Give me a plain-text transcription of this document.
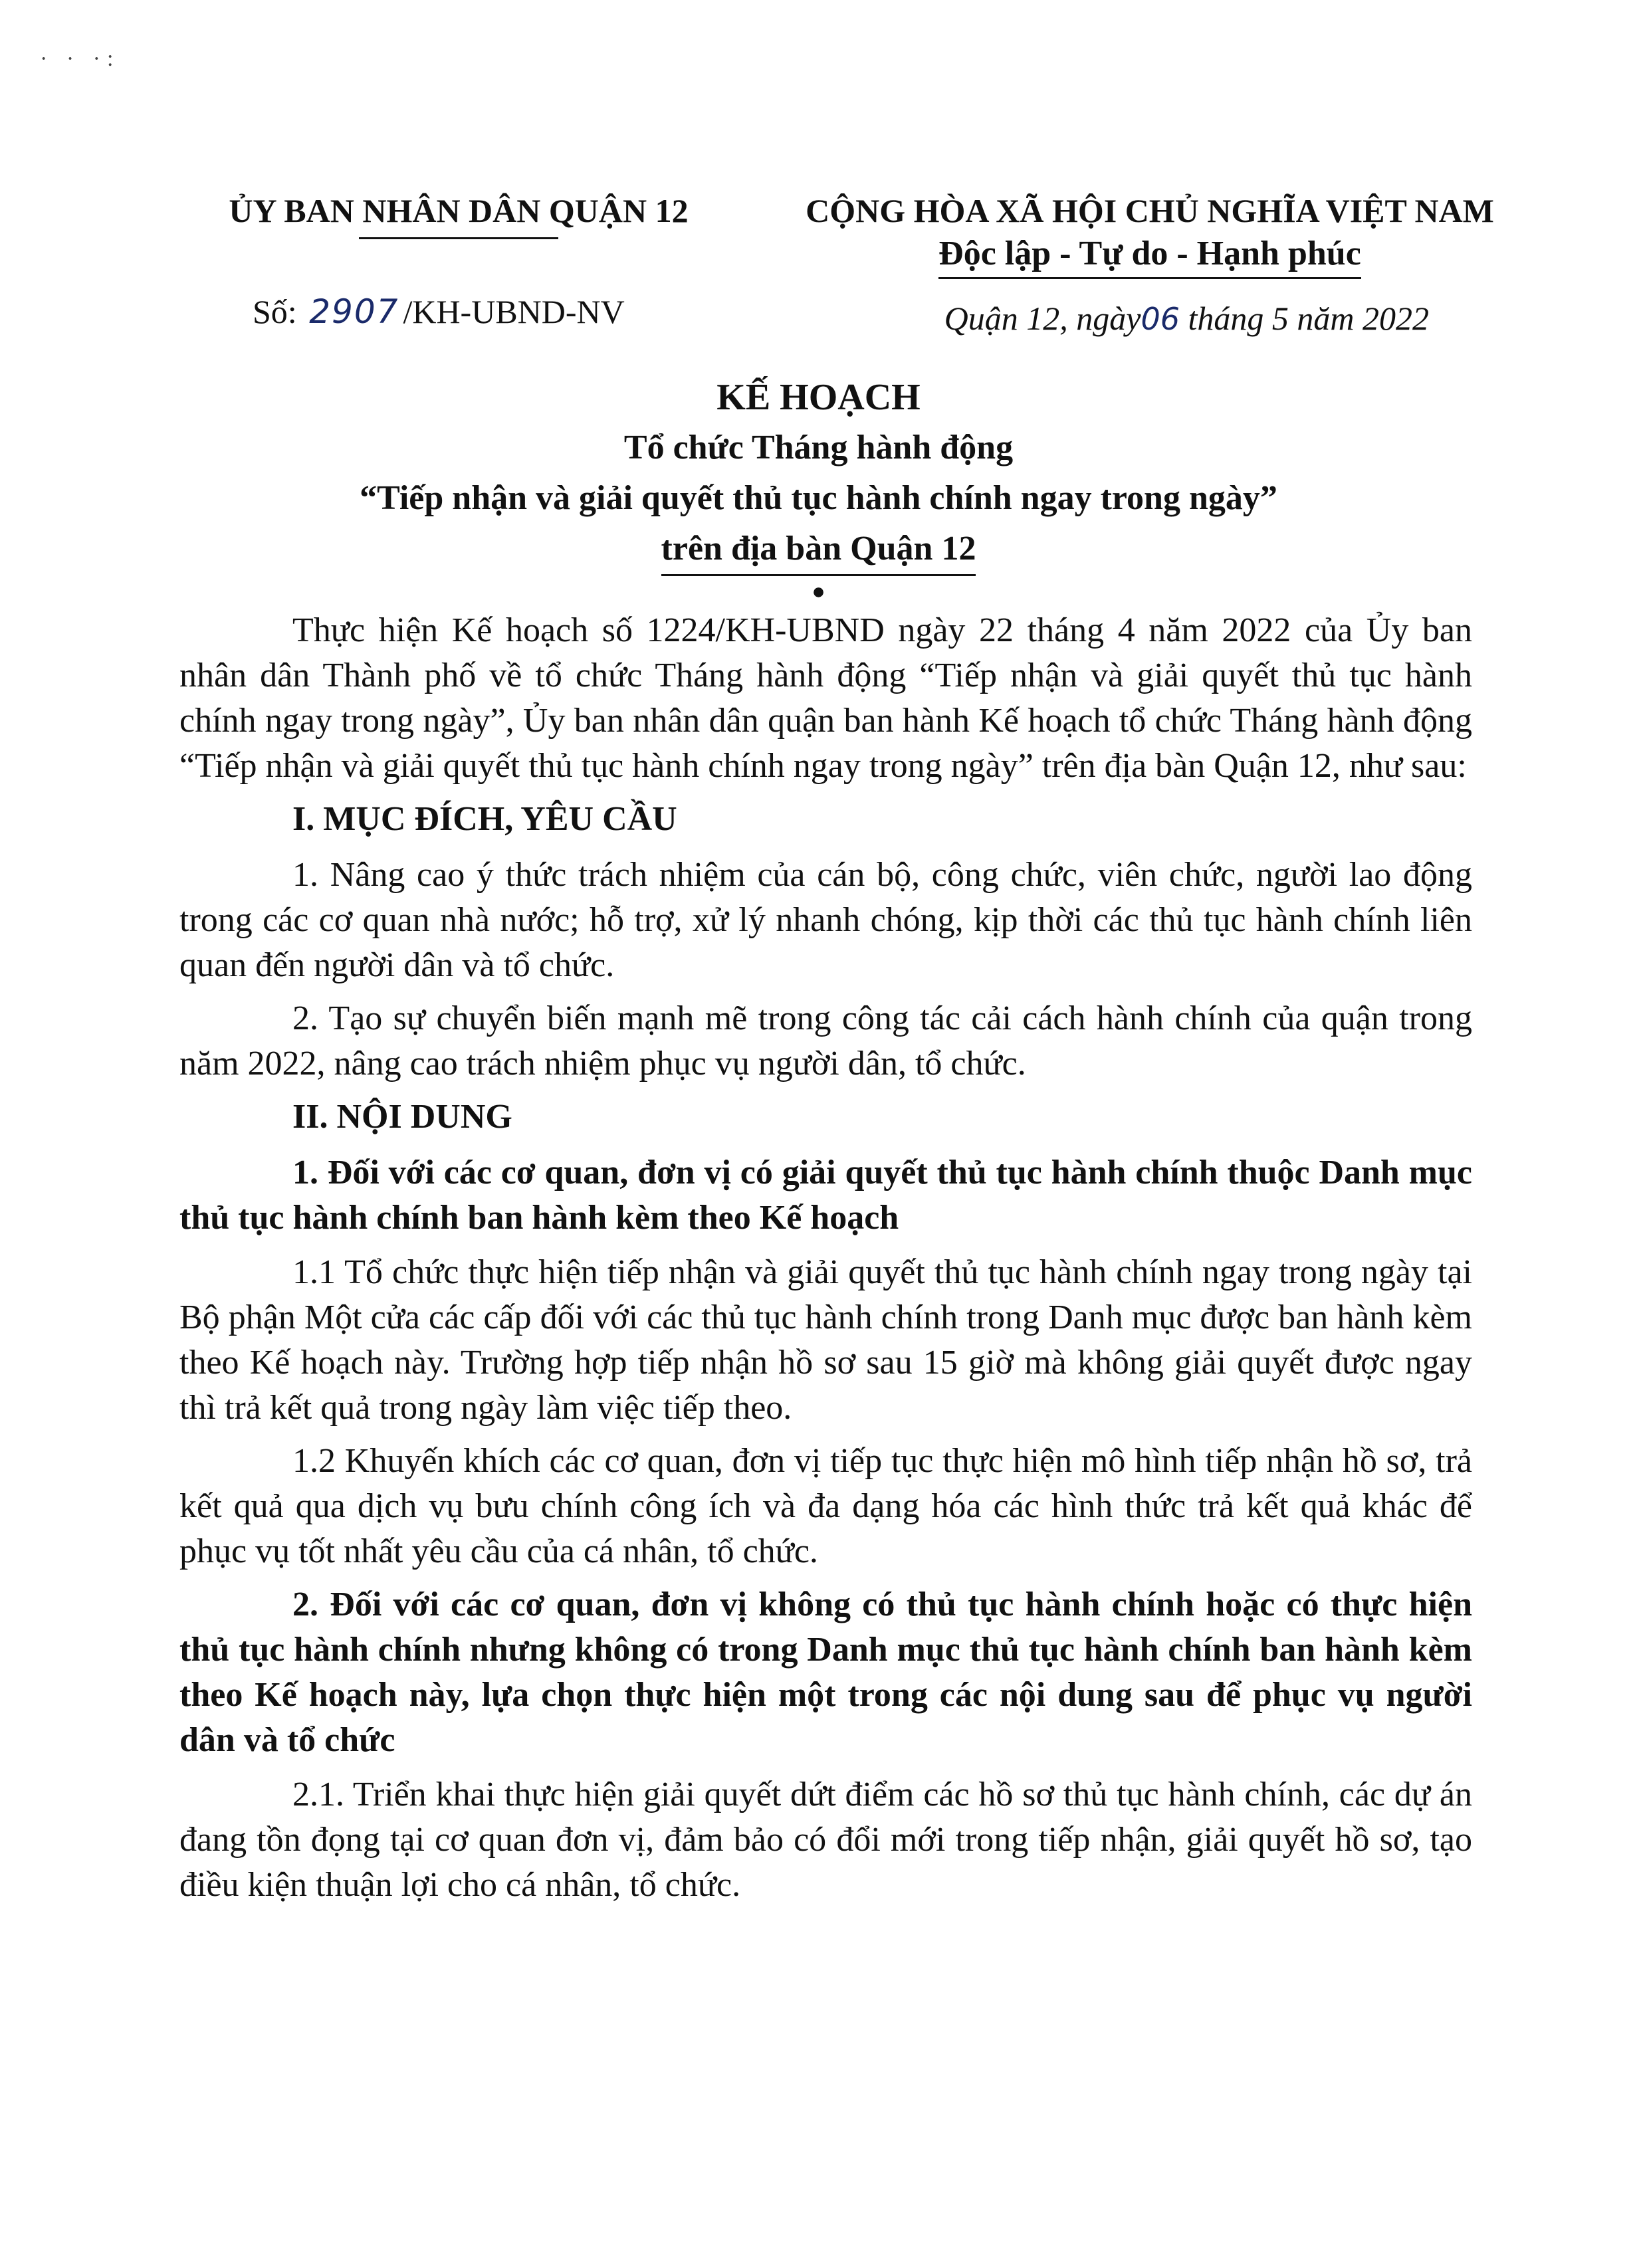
· · ·:
ỦY BAN NHÂN DÂN QUẬN 12	CỘNG HÒA XÃ HỘI CHỦ NGHĨA VIỆT NAM
Độc lập - Tự do - Hạnh phúc
Số: 2907 /KH-UBND-NV	Quận 12, ngày06 tháng 5 năm 2022
KẾ HOẠCH
Tổ chức Tháng hành động
“Tiếp nhận và giải quyết thủ tục hành chính ngay trong ngày”
trên địa bàn Quận 12
●

Thực hiện Kế hoạch số 1224/KH-UBND ngày 22 tháng 4 năm 2022 của Ủy ban nhân dân Thành phố về tổ chức Tháng hành động “Tiếp nhận và giải quyết thủ tục hành chính ngay trong ngày”, Ủy ban nhân dân quận ban hành Kế hoạch tổ chức Tháng hành động “Tiếp nhận và giải quyết thủ tục hành chính ngay trong ngày” trên địa bàn Quận 12, như sau:

I. MỤC ĐÍCH, YÊU CẦU

1. Nâng cao ý thức trách nhiệm của cán bộ, công chức, viên chức, người lao động trong các cơ quan nhà nước; hỗ trợ, xử lý nhanh chóng, kịp thời các thủ tục hành chính liên quan đến người dân và tổ chức.

2. Tạo sự chuyển biến mạnh mẽ trong công tác cải cách hành chính của quận trong năm 2022, nâng cao trách nhiệm phục vụ người dân, tổ chức.

II. NỘI DUNG

1. Đối với các cơ quan, đơn vị có giải quyết thủ tục hành chính thuộc Danh mục thủ tục hành chính ban hành kèm theo Kế hoạch

1.1 Tổ chức thực hiện tiếp nhận và giải quyết thủ tục hành chính ngay trong ngày tại Bộ phận Một cửa các cấp đối với các thủ tục hành chính trong Danh mục được ban hành kèm theo Kế hoạch này. Trường hợp tiếp nhận hồ sơ sau 15 giờ mà không giải quyết được ngay thì trả kết quả trong ngày làm việc tiếp theo.

1.2 Khuyến khích các cơ quan, đơn vị tiếp tục thực hiện mô hình tiếp nhận hồ sơ, trả kết quả qua dịch vụ bưu chính công ích và đa dạng hóa các hình thức trả kết quả khác để phục vụ tốt nhất yêu cầu của cá nhân, tổ chức.

2. Đối với các cơ quan, đơn vị không có thủ tục hành chính hoặc có thực hiện thủ tục hành chính nhưng không có trong Danh mục thủ tục hành chính ban hành kèm theo Kế hoạch này, lựa chọn thực hiện một trong các nội dung sau để phục vụ người dân và tổ chức

2.1. Triển khai thực hiện giải quyết dứt điểm các hồ sơ thủ tục hành chính, các dự án đang tồn đọng tại cơ quan đơn vị, đảm bảo có đổi mới trong tiếp nhận, giải quyết hồ sơ, tạo điều kiện thuận lợi cho cá nhân, tổ chức.
